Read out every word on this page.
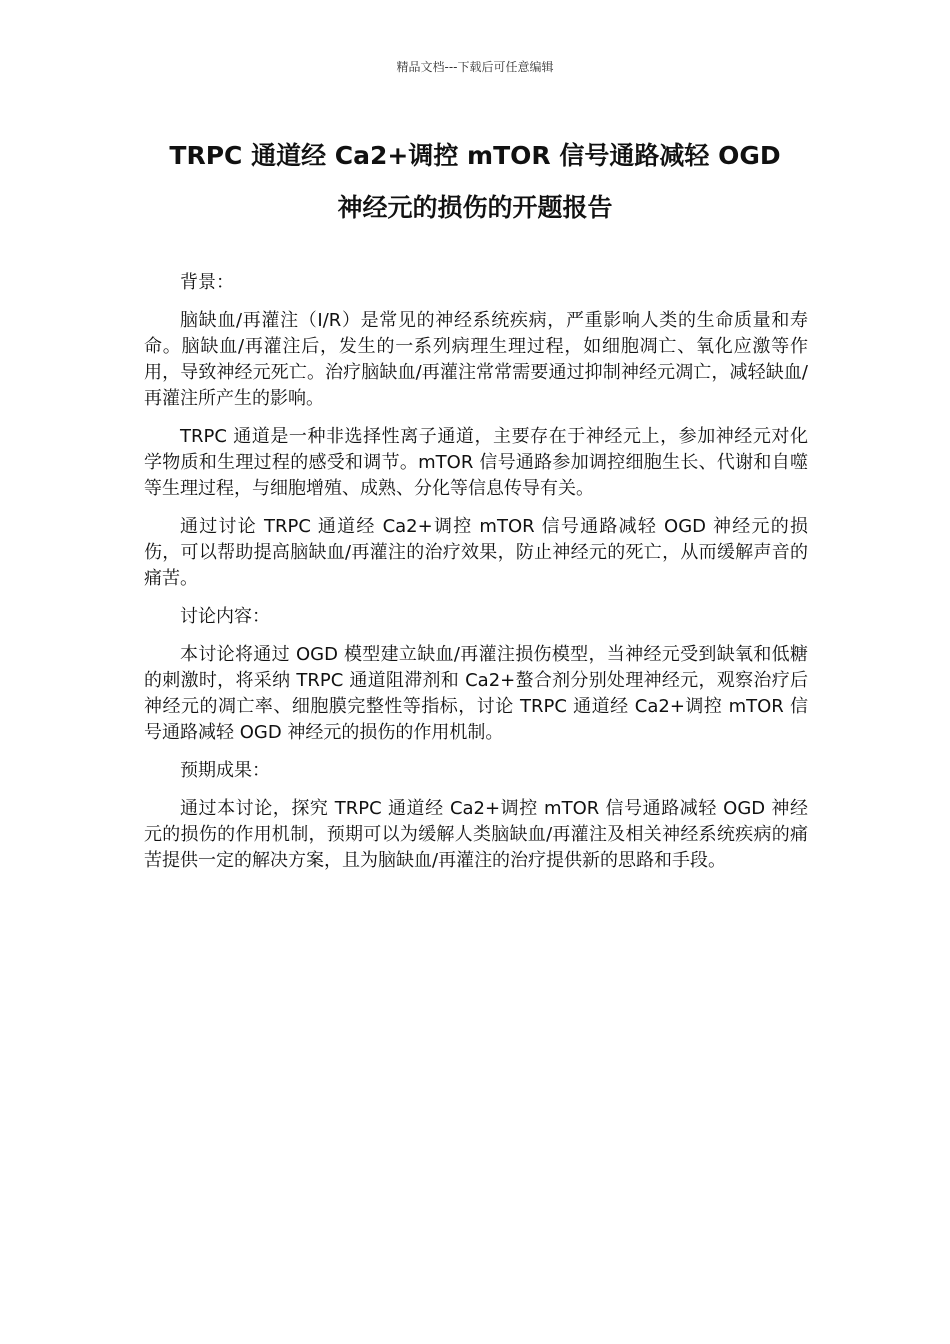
精品文档---下载后可任意编辑
TRPC 通道经 Ca2+调控 mTOR 信号通路减轻 OGD
神经元的损伤的开题报告

背景：

脑缺血/再灌注（I/R）是常见的神经系统疾病，严重影响人类的生命质量和寿命。脑缺血/再灌注后，发生的一系列病理生理过程，如细胞凋亡、氧化应激等作用，导致神经元死亡。治疗脑缺血/再灌注常常需要通过抑制神经元凋亡，减轻缺血/再灌注所产生的影响。

TRPC 通道是一种非选择性离子通道，主要存在于神经元上，参加神经元对化学物质和生理过程的感受和调节。mTOR 信号通路参加调控细胞生长、代谢和自噬等生理过程，与细胞增殖、成熟、分化等信息传导有关。

通过讨论 TRPC 通道经 Ca2+调控 mTOR 信号通路减轻 OGD 神经元的损伤，可以帮助提高脑缺血/再灌注的治疗效果，防止神经元的死亡，从而缓解声音的痛苦。

讨论内容：

本讨论将通过 OGD 模型建立缺血/再灌注损伤模型，当神经元受到缺氧和低糖的刺激时，将采纳 TRPC 通道阻滞剂和 Ca2+螯合剂分别处理神经元，观察治疗后神经元的凋亡率、细胞膜完整性等指标，讨论 TRPC 通道经 Ca2+调控 mTOR 信号通路减轻 OGD 神经元的损伤的作用机制。

预期成果：

通过本讨论，探究 TRPC 通道经 Ca2+调控 mTOR 信号通路减轻 OGD 神经元的损伤的作用机制，预期可以为缓解人类脑缺血/再灌注及相关神经系统疾病的痛苦提供一定的解决方案，且为脑缺血/再灌注的治疗提供新的思路和手段。
